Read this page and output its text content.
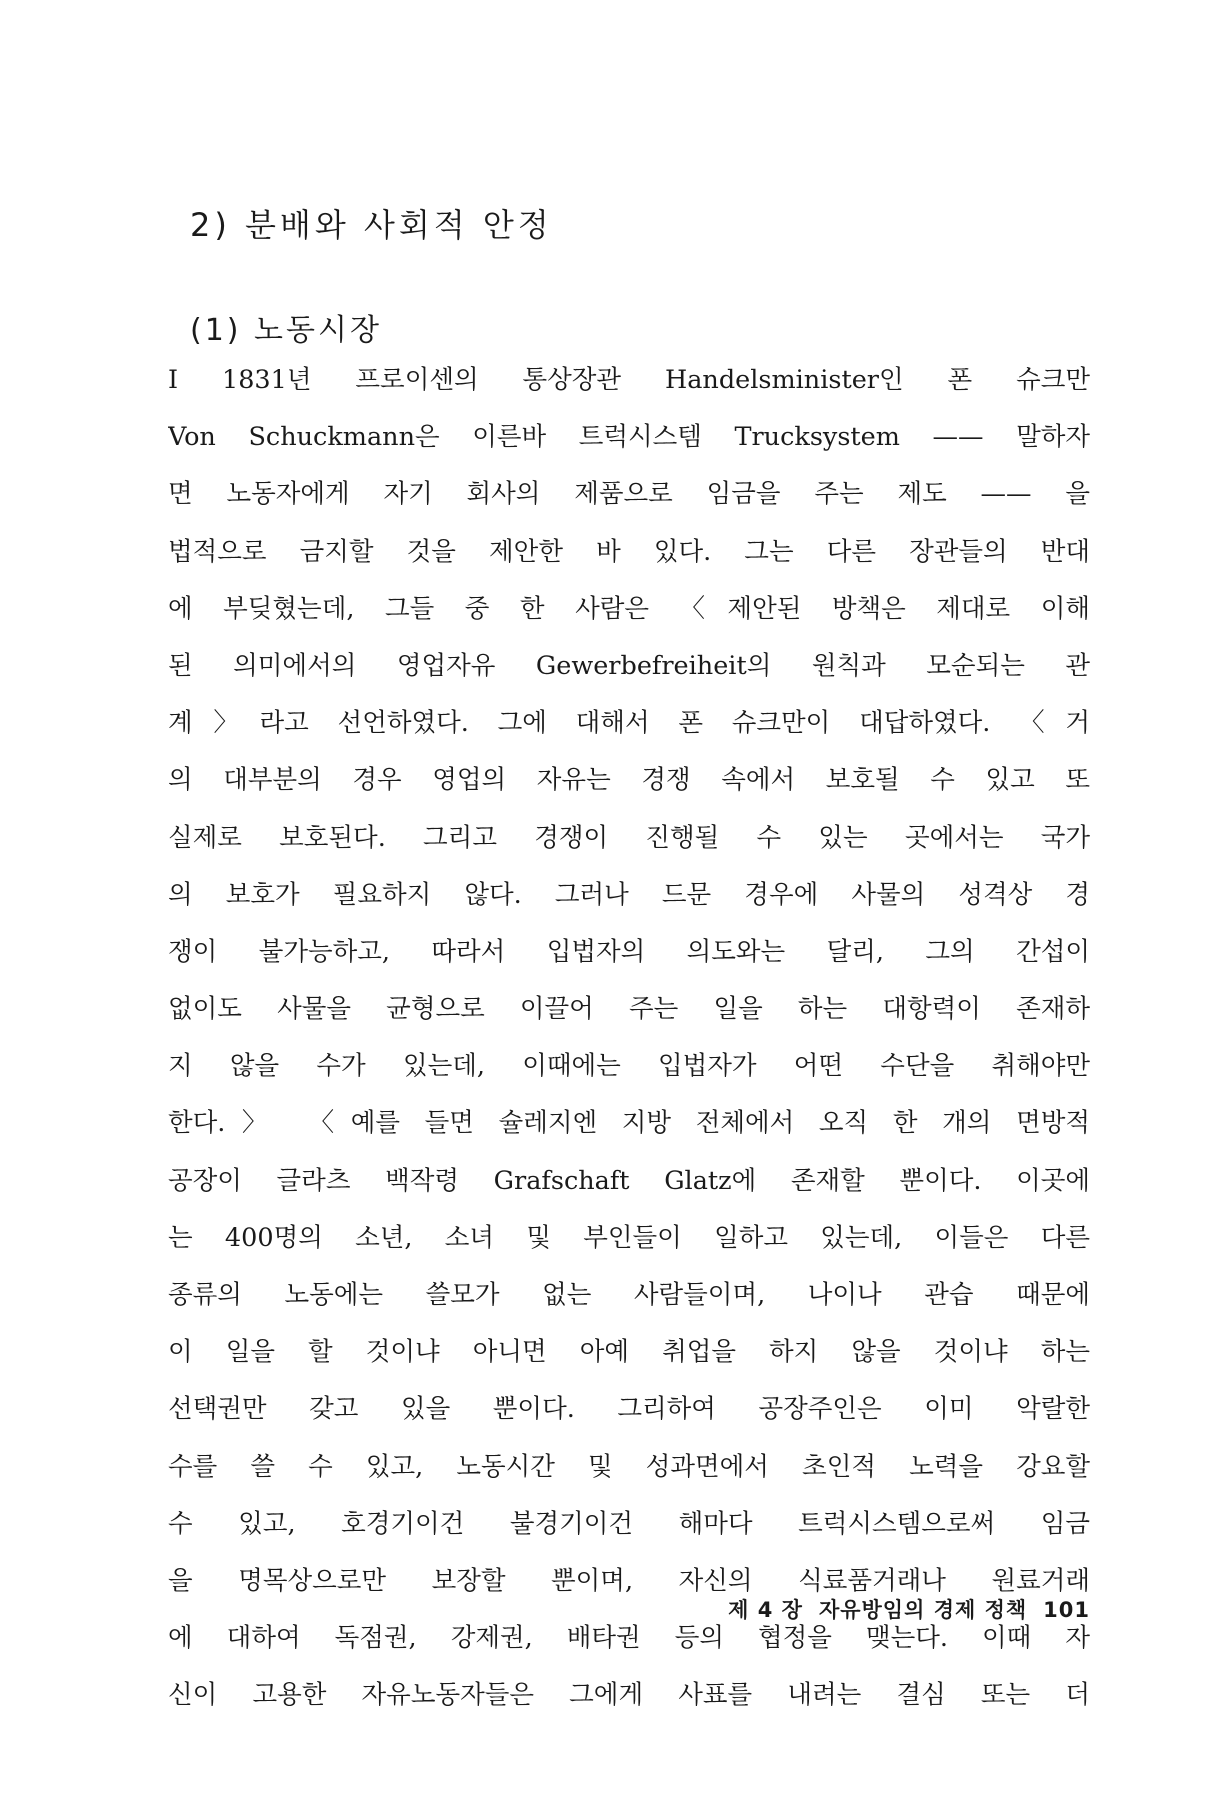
2) 분배와 사회적 안정
(1) 노동시장
I 1831년 프로이센의 통상장관 Handelsminister인 폰 슈크만
Von Schuckmann은 이른바 트럭시스템 Trucksystem —— 말하자
면 노동자에게 자기 회사의 제품으로 임금을 주는 제도 —— 을
법적으로 금지할 것을 제안한 바 있다. 그는 다른 장관들의 반대
에 부딪혔는데, 그들 중 한 사람은 〈제안된 방책은 제대로 이해
된 의미에서의 영업자유 Gewerbefreiheit의 원칙과 모순되는 관
계〉라고 선언하였다. 그에 대해서 폰 슈크만이 대답하였다. 〈거
의 대부분의 경우 영업의 자유는 경쟁 속에서 보호될 수 있고 또
실제로 보호된다. 그리고 경쟁이 진행될 수 있는 곳에서는 국가
의 보호가 필요하지 않다. 그러나 드문 경우에 사물의 성격상 경
쟁이 불가능하고, 따라서 입법자의 의도와는 달리, 그의 간섭이
없이도 사물을 균형으로 이끌어 주는 일을 하는 대항력이 존재하
지 않을 수가 있는데, 이때에는 입법자가 어떤 수단을 취해야만
한다.〉 〈예를 들면 슐레지엔 지방 전체에서 오직 한 개의 면방적
공장이 글라츠 백작령 Grafschaft Glatz에 존재할 뿐이다. 이곳에
는 400명의 소년, 소녀 및 부인들이 일하고 있는데, 이들은 다른
종류의 노동에는 쓸모가 없는 사람들이며, 나이나 관습 때문에
이 일을 할 것이냐 아니면 아예 취업을 하지 않을 것이냐 하는
선택권만 갖고 있을 뿐이다. 그리하여 공장주인은 이미 악랄한
수를 쓸 수 있고, 노동시간 및 성과면에서 초인적 노력을 강요할
수 있고, 호경기이건 불경기이건 해마다 트럭시스템으로써 임금
을 명목상으로만 보장할 뿐이며, 자신의 식료품거래나 원료거래
에 대하여 독점권, 강제권, 배타권 등의 협정을 맺는다. 이때 자
신이 고용한 자유노동자들은 그에게 사표를 내려는 결심 또는 더
제 4 장 자유방임의 경제 정책 101
